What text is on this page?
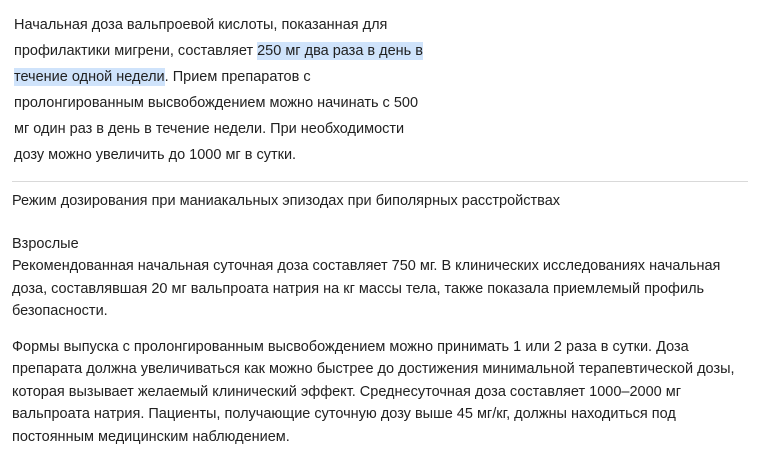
Начальная доза вальпроевой кислоты, показанная для профилактики мигрени, составляет 250 мг два раза в день в течение одной недели. Прием препаратов с пролонгированным высвобождением можно начинать с 500 мг один раз в день в течение недели. При необходимости дозу можно увеличить до 1000 мг в сутки.

Режим дозирования при маниакальных эпизодах при биполярных расстройствах

Взрослые

Рекомендованная начальная суточная доза составляет 750 мг. В клинических исследованиях начальная доза, составлявшая 20 мг вальпроата натрия на кг массы тела, также показала приемлемый профиль безопасности.

Формы выпуска с пролонгированным высвобождением можно принимать 1 или 2 раза в сутки. Доза препарата должна увеличиваться как можно быстрее до достижения минимальной терапевтической дозы, которая вызывает желаемый клинический эффект. Среднесуточная доза составляет 1000–2000 мг вальпроата натрия. Пациенты, получающие суточную дозу выше 45 мг/кг, должны находиться под постоянным медицинским наблюдением.
